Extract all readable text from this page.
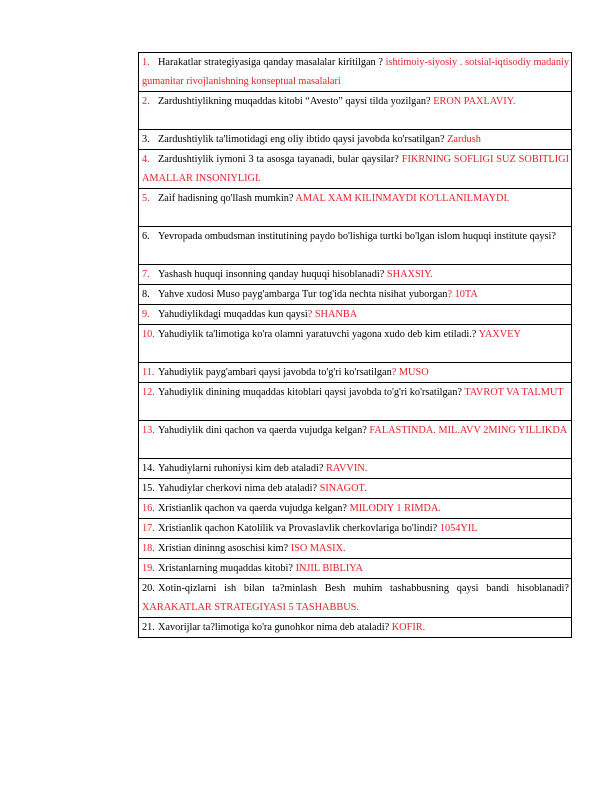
1. Harakatlar strategiyasiga qanday masalalar kiritilgan ? ishtimoiy-siyosiy . sotsial-iqtisodiy madaniy gumanitar rivojlanishning konseptual masalalari
2. Zardushtiylikning muqaddas kitobi “Avesto” qaysi tilda yozilgan? ERON PAXLAVIY.
3. Zardushtiylik ta'limotidagi eng oliy ibtido qaysi javobda ko'rsatilgan? Zardush
4. Zardushtiylik iymoni 3 ta asosga tayanadi, bular qaysilar? FIKRNING SOFLIGI SUZ SOBITLIGI AMALLAR INSONIYLIGI.
5. Zaif hadisning qo'llash mumkin? AMAL XAM KILINMAYDI KO'LLANILMAYDI.
6. Yevropada ombudsman institutining paydo bo'lishiga turtki bo'lgan islom huquqi institute qaysi?
7. Yashash huquqi insonning qanday huquqi hisoblanadi? SHAXSIY.
8. Yahve xudosi Muso payg'ambarga Tur tog'ida nechta nisihat yuborgan? 10TA
9. Yahudiylikdagi muqaddas kun qaysi? SHANBA
10. Yahudiylik ta'limotiga ko'ra olamni yaratuvchi yagona xudo deb kim etiladi.? YAXVEY
11. Yahudiylik payg'ambari qaysi javobda to'g'ri ko'rsatilgan? MUSO
12. Yahudiylik dinining muqaddas kitoblari qaysi javobda to'g'ri ko'rsatilgan? TAVROT VA TALMUT
13. Yahudiylik dini qachon va qaerda vujudga kelgan? FALASTINDA. MIL.AVV 2MING YILLIKDA
14. Yahudiylarni ruhoniysi kim deb ataladi? RAVVIN.
15. Yahudiylar cherkovi nima deb ataladi? SINAGOT.
16. Xristianlik qachon va qaerda vujudga kelgan? MILODIY 1 RIMDA.
17. Xristianlik qachon Katolilik va Provaslavlik cherkovlariga bo'lindi? 1054YIL
18. Xristian dininng asoschisi kim? ISO MASIX.
19. Xristanlarning muqaddas kitobi? INJIL BIBLIYA
20. Xotin-qizlarni ish bilan ta?minlash Besh muhim tashabbusning qaysi bandi hisoblanadi? XARAKATLAR STRATEGIYASI 5 TASHABBUS.
21. Xavorijlar ta?limotiga ko'ra gunohkor nima deb ataladi? KOFIR.
